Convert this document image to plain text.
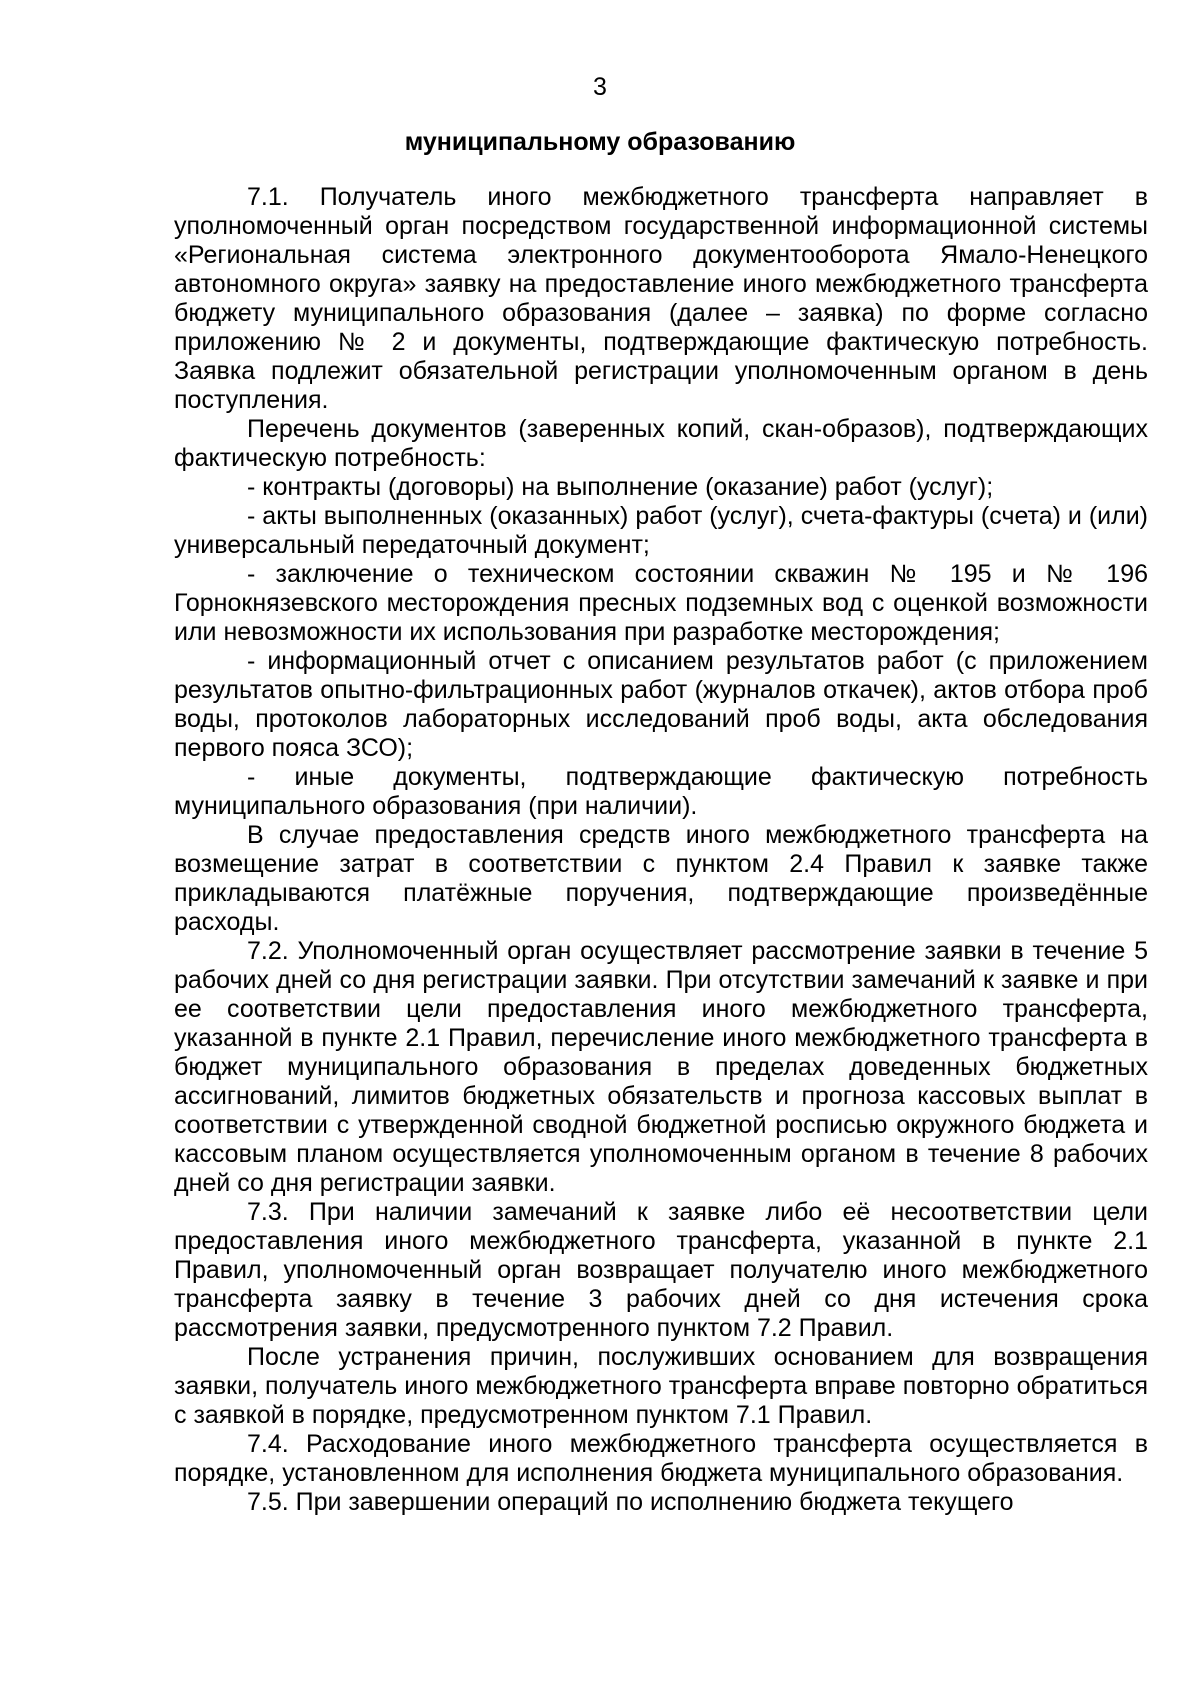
3
муниципальному образованию

7.1. Получатель иного межбюджетного трансферта направляет в уполномоченный орган посредством государственной информационной системы «Региональная система электронного документооборота Ямало-Ненецкого автономного округа» заявку на предоставление иного межбюджетного трансферта бюджету муниципального образования (далее – заявка) по форме согласно приложению № 2 и документы, подтверждающие фактическую потребность. Заявка подлежит обязательной регистрации уполномоченным органом в день поступления.

Перечень документов (заверенных копий, скан-образов), подтверждающих фактическую потребность:

- контракты (договоры) на выполнение (оказание) работ (услуг);

- акты выполненных (оказанных) работ (услуг), счета-фактуры (счета) и (или) универсальный передаточный документ;

- заключение о техническом состоянии скважин № 195 и № 196 Горнокнязевского месторождения пресных подземных вод с оценкой возможности или невозможности их использования при разработке месторождения;

- информационный отчет с описанием результатов работ (с приложением результатов опытно-фильтрационных работ (журналов откачек), актов отбора проб воды, протоколов лабораторных исследований проб воды, акта обследования первого пояса ЗСО);

- иные документы, подтверждающие фактическую потребность муниципального образования (при наличии).

В случае предоставления средств иного межбюджетного трансферта на возмещение затрат в соответствии с пунктом 2.4 Правил к заявке также прикладываются платёжные поручения, подтверждающие произведённые расходы.

7.2. Уполномоченный орган осуществляет рассмотрение заявки в течение 5 рабочих дней со дня регистрации заявки. При отсутствии замечаний к заявке и при ее соответствии цели предоставления иного межбюджетного трансферта, указанной в пункте 2.1 Правил, перечисление иного межбюджетного трансферта в бюджет муниципального образования в пределах доведенных бюджетных ассигнований, лимитов бюджетных обязательств и прогноза кассовых выплат в соответствии с утвержденной сводной бюджетной росписью окружного бюджета и кассовым планом осуществляется уполномоченным органом в течение 8 рабочих дней со дня регистрации заявки.

7.3. При наличии замечаний к заявке либо её несоответствии цели предоставления иного межбюджетного трансферта, указанной в пункте 2.1 Правил, уполномоченный орган возвращает получателю иного межбюджетного трансферта заявку в течение 3 рабочих дней со дня истечения срока рассмотрения заявки, предусмотренного пунктом 7.2 Правил.

После устранения причин, послуживших основанием для возвращения заявки, получатель иного межбюджетного трансферта вправе повторно обратиться с заявкой в порядке, предусмотренном пунктом 7.1 Правил.

7.4. Расходование иного межбюджетного трансферта осуществляется в порядке, установленном для исполнения бюджета муниципального образования.

7.5. При завершении операций по исполнению бюджета текущего
